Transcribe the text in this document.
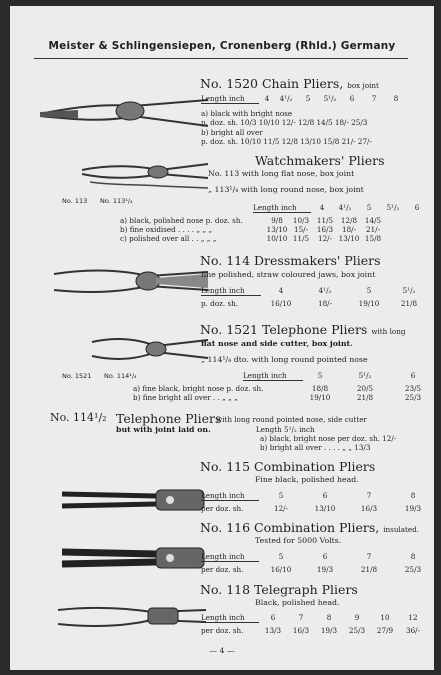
Meister & Schlingensiepen, Cronenberg (Rhld.) Germany
No. 1520 Chain Pliers, box joint
Length inch	4 4¹/₂ 5 5¹/₂ 6 7 8
a) black with bright nose
p. doz. sh. 10/3 10/10 12/- 12/8 14/5 18/- 25/3
b) bright all over
p. doz. sh. 10/10 11/5 12/8 13/10 15/8 21/- 27/-
No. 113 No. 113¹/₄
Watchmakers' Pliers
No. 113 with long flat nose, box joint
„ 113¹/₄ with long round nose, box joint
Length inch	4 4¹/₂ 5 5¹/₂ 6
a) black, polished nose p. doz. sh.	9/8 10/3 11/5 12/8 14/5
b) fine oxidised . . . . „ „ „	13/10 15/- 16/3 18/- 21/-
c) polished over all . . „ „ „	10/10 11/5 12/- 13/10 15/8
No. 114 Dressmakers' Pliers
fine polished, straw coloured jaws, box joint
Length inch	4	4¹/₂	5	5¹/₂
p. doz. sh.	16/10	18/-	19/10	21/8
No. 1521 No. 114¹/₄
No. 1521 Telephone Pliers with long
flat nose and side cutter, box joint.
„ 114¹/₄ dto. with long round pointed nose
Length inch	5	5¹/₂	6
a) fine black, bright nose p. doz. sh.	18/8	20/5	23/5
b) fine bright all over . . „ „ „	19/10	21/8	25/3
No. 114¹/₂ Telephone Pliers
with long round pointed nose, side cutter
but with joint laid on.	Length 5¹/₂ inch
a) black, bright nose per doz. sh. 12/-
b) bright all over . . . . „ „ 13/3
No. 115 Combination Pliers
Fine black, polished head.
Length inch	5	6	7	8
per doz. sh.	12/-	13/10	16/3	19/3
No. 116 Combination Pliers, insulated.
Tested for 5000 Volts.
Length inch	5	6	7	8
per doz. sh.	16/10	19/3	21/8	25/3
No. 118 Telegraph Pliers
Black, polished head.
Length inch	6	7	8	9	10	12
per doz. sh.	13/3 16/3 19/3 25/3 27/9 36/-
— 4 —
